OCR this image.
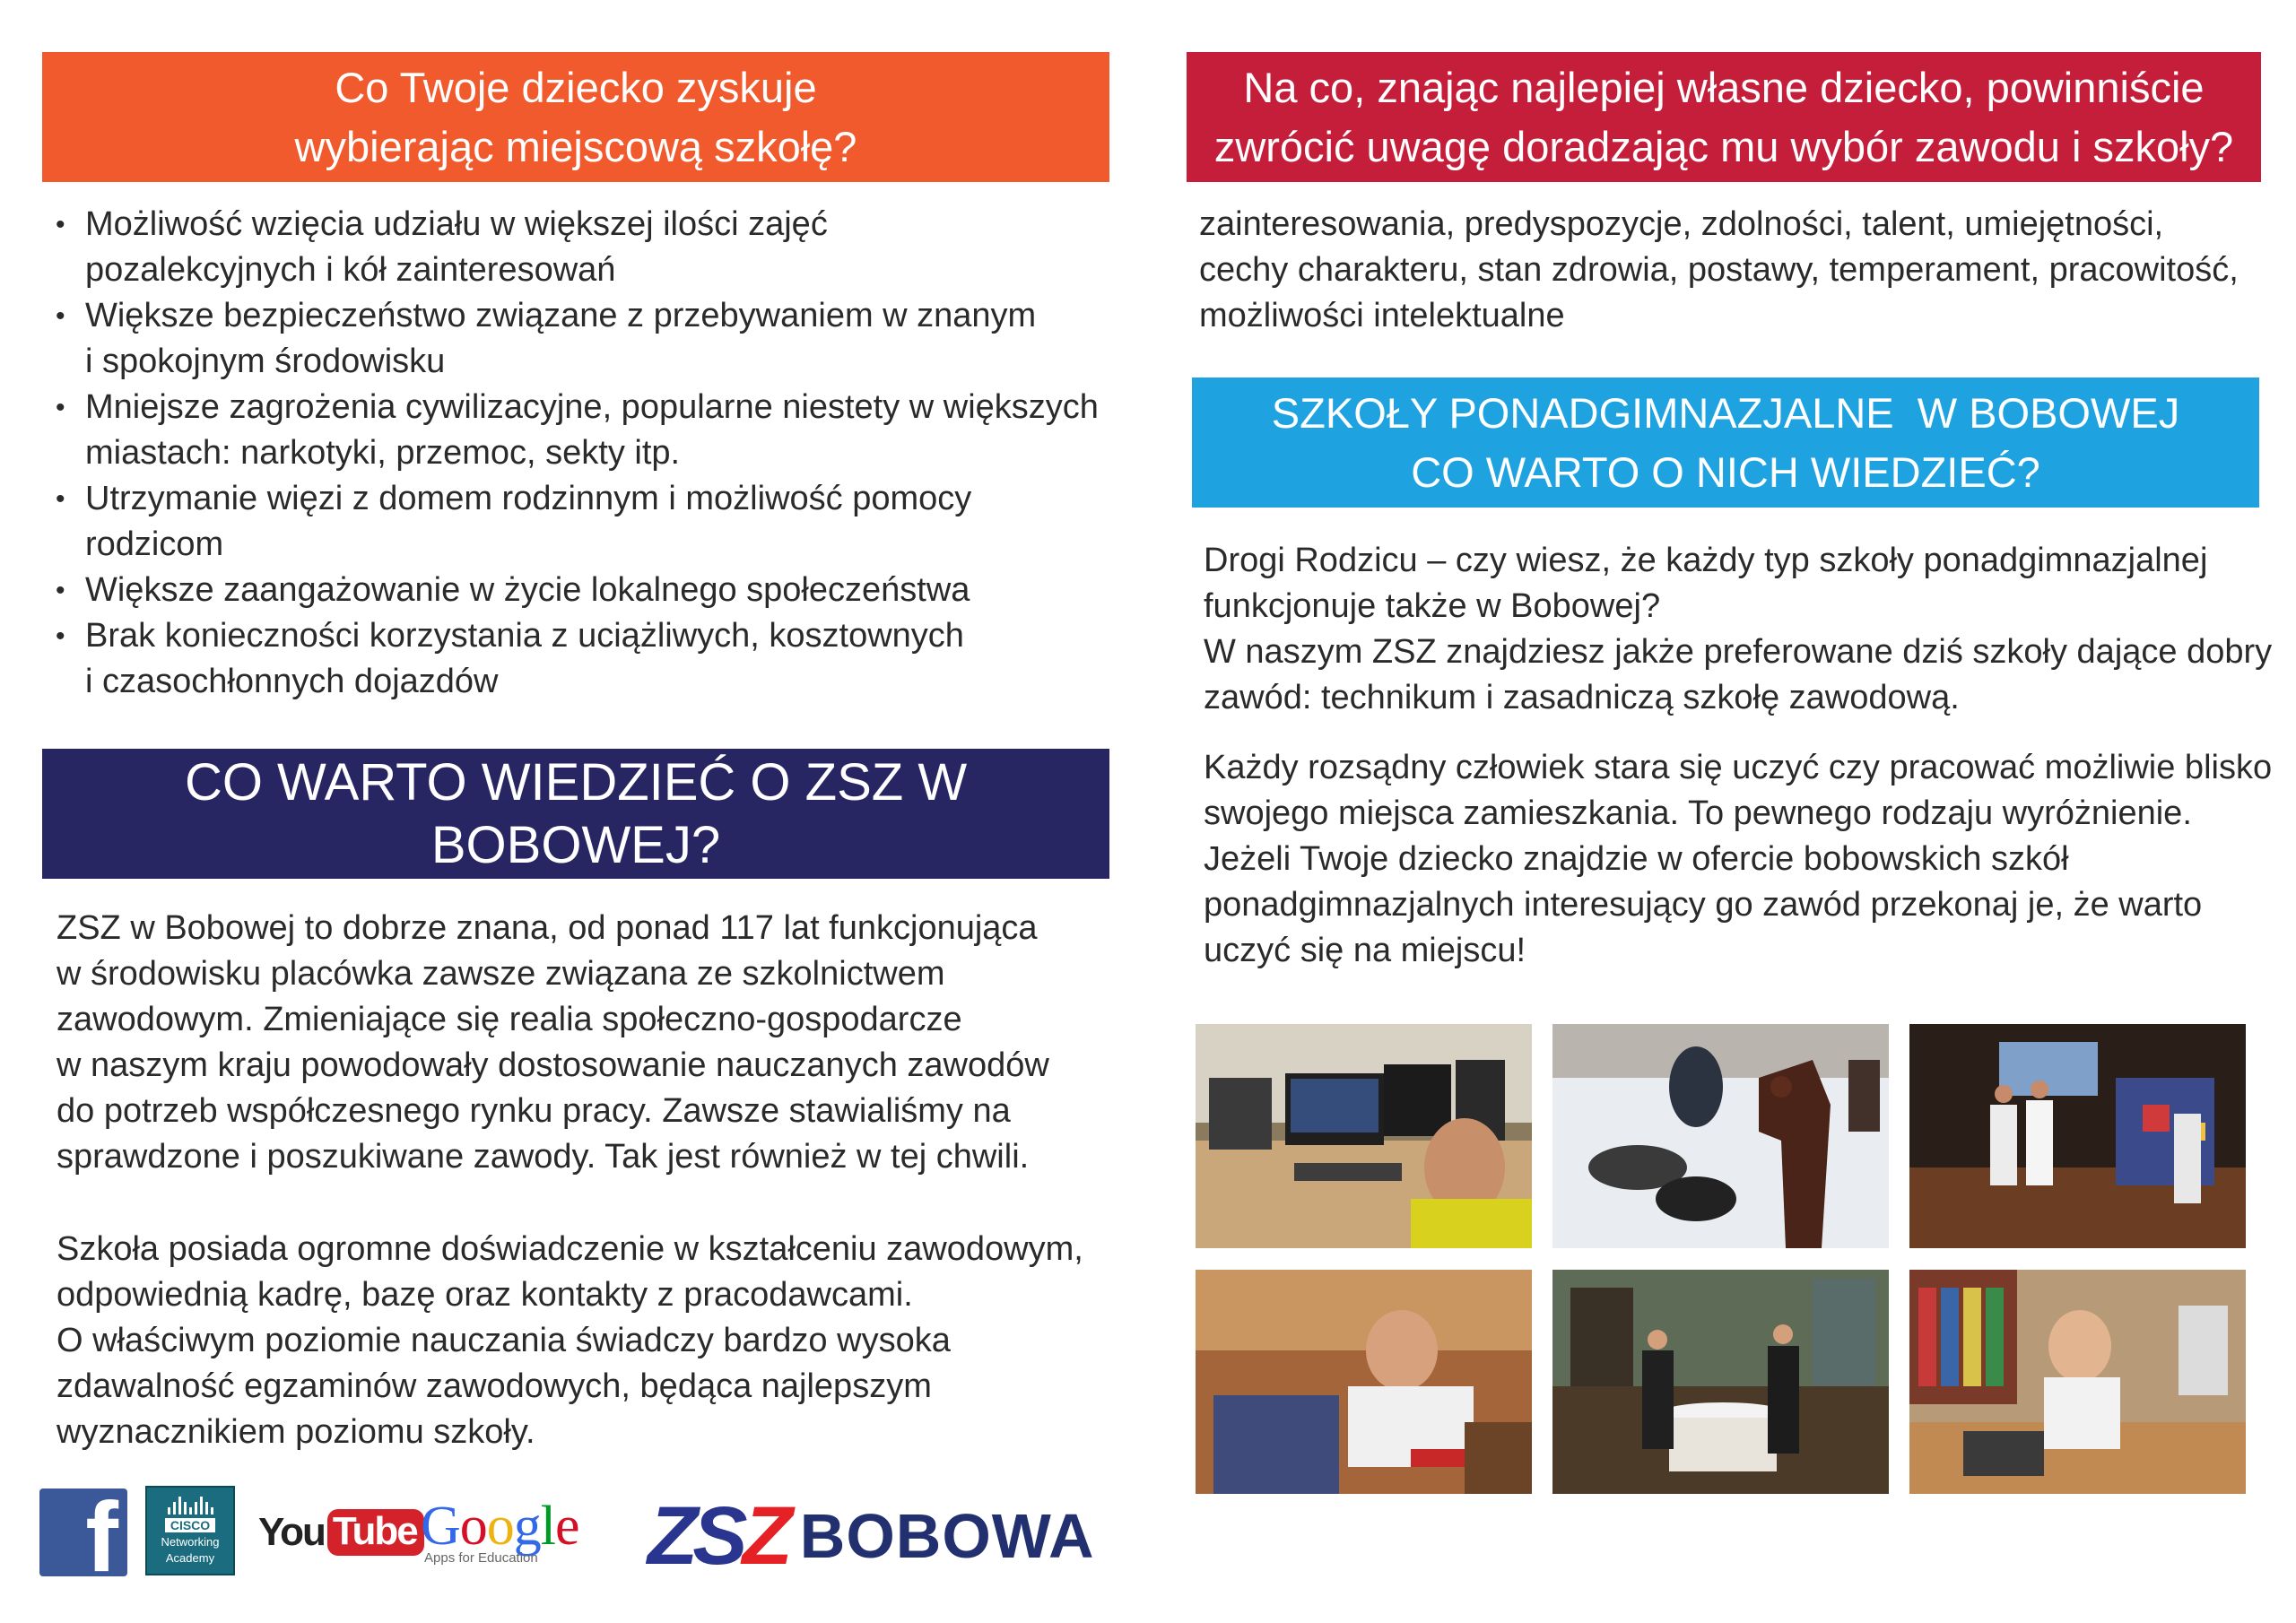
Co Twoje dziecko zyskuje
wybierając miejscową szkołę?
• Możliwość wzięcia udziału w większej ilości zajęć
pozalekcyjnych i kół zainteresowań
• Większe bezpieczeństwo związane z przebywaniem w znanym
i spokojnym środowisku
• Mniejsze zagrożenia cywilizacyjne, popularne niestety w większych
miastach: narkotyki, przemoc, sekty itp.
• Utrzymanie więzi z domem rodzinnym i możliwość pomocy
rodzicom
• Większe zaangażowanie w życie lokalnego społeczeństwa
• Brak konieczności korzystania z uciążliwych, kosztownych
i czasochłonnych dojazdów
CO WARTO WIEDZIEĆ O ZSZ W BOBOWEJ?

ZSZ w Bobowej to dobrze znana, od ponad 117 lat funkcjonująca
w środowisku placówka zawsze związana ze szkolnictwem
zawodowym. Zmieniające się realia społeczno-gospodarcze
w naszym kraju powodowały dostosowanie nauczanych zawodów
do potrzeb współczesnego rynku pracy. Zawsze stawialiśmy na
sprawdzone i poszukiwane zawody. Tak jest również w tej chwili.

Szkoła posiada ogromne doświadczenie w kształceniu zawodowym,
odpowiednią kadrę, bazę oraz kontakty z pracodawcami.
O właściwym poziomie nauczania świadczy bardzo wysoka
zdawalność egzaminów zawodowych, będąca najlepszym
wyznacznikiem poziomu szkoły.

f	CISCO
Networking
Academy
You Tube Google
Apps for Education	ZSZ BOBOWA
Na co, znając najlepiej własne dziecko, powinniście
zwrócić uwagę doradzając mu wybór zawodu i szkoły?

zainteresowania, predyspozycje, zdolności, talent, umiejętności,
cechy charakteru, stan zdrowia, postawy, temperament, pracowitość,
możliwości intelektualne

SZKOŁY PONADGIMNAZJALNE  W BOBOWEJ
CO WARTO O NICH WIEDZIEĆ?

Drogi Rodzicu – czy wiesz, że każdy typ szkoły ponadgimnazjalnej
funkcjonuje także w Bobowej?
W naszym ZSZ znajdziesz jakże preferowane dziś szkoły dające dobry
zawód: technikum i zasadniczą szkołę zawodową.

Każdy rozsądny człowiek stara się uczyć czy pracować możliwie blisko
swojego miejsca zamieszkania. To pewnego rodzaju wyróżnienie.
Jeżeli Twoje dziecko znajdzie w ofercie bobowskich szkół
ponadgimnazjalnych interesujący go zawód przekonaj je, że warto
uczyć się na miejscu!
